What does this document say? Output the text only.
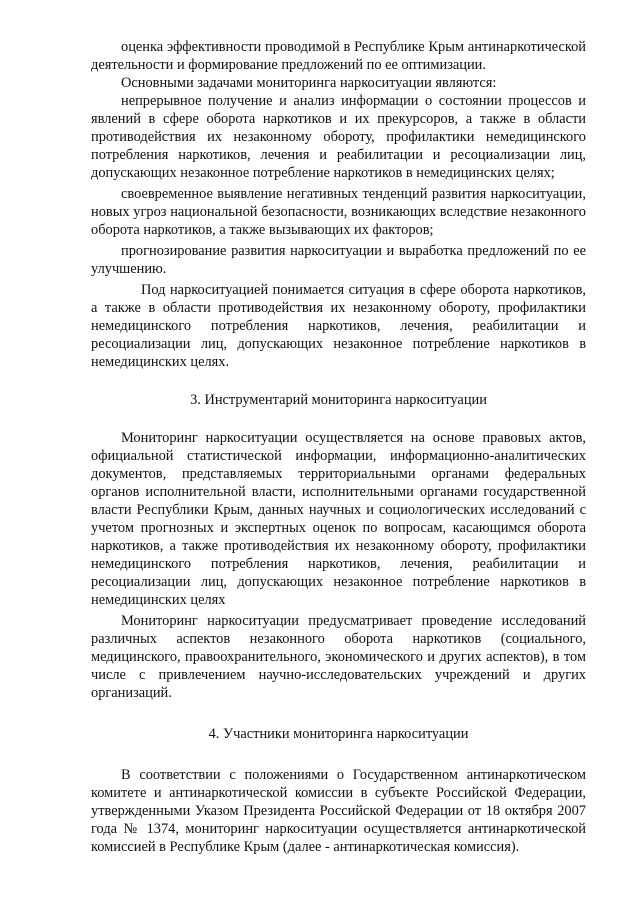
оценка эффективности проводимой в Республике Крым антинаркотической деятельности и формирование предложений по ее оптимизации.

Основными задачами мониторинга наркоситуации являются:

непрерывное получение и анализ информации о состоянии процессов и явлений в сфере оборота наркотиков и их прекурсоров, а также в области противодействия их незаконному обороту, профилактики немедицинского потребления наркотиков, лечения и реабилитации и ресоциализации лиц, допускающих незаконное потребление наркотиков в немедицинских целях;

своевременное выявление негативных тенденций развития наркоситуации, новых угроз национальной безопасности, возникающих вследствие незаконного оборота наркотиков, а также вызывающих их факторов;

прогнозирование развития наркоситуации и выработка предложений по ее улучшению.

Под наркоситуацией понимается ситуация в сфере оборота наркотиков, а также в области противодействия их незаконному обороту, профилактики немедицинского потребления наркотиков, лечения, реабилитации и ресоциализации лиц, допускающих незаконное потребление наркотиков в немедицинских целях.

3. Инструментарий мониторинга наркоситуации

Мониторинг наркоситуации осуществляется на основе правовых актов, официальной статистической информации, информационно-аналитических документов, представляемых территориальными органами федеральных органов исполнительной власти, исполнительными органами государственной власти Республики Крым, данных научных и социологических исследований с учетом прогнозных и экспертных оценок по вопросам, касающимся оборота наркотиков, а также противодействия их незаконному обороту, профилактики немедицинского потребления наркотиков, лечения, реабилитации и ресоциализации лиц, допускающих незаконное потребление наркотиков в немедицинских целях

Мониторинг наркоситуации предусматривает проведение исследований различных аспектов незаконного оборота наркотиков (социального, медицинского, правоохранительного, экономического и других аспектов), в том числе с привлечением научно-исследовательских учреждений и других организаций.

4. Участники мониторинга наркоситуации

В соответствии с положениями о Государственном антинаркотическом комитете и антинаркотической комиссии в субъекте Российской Федерации, утвержденными Указом Президента Российской Федерации от 18 октября 2007 года № 1374, мониторинг наркоситуации осуществляется антинаркотической комиссией в Республике Крым (далее - антинаркотическая комиссия).
